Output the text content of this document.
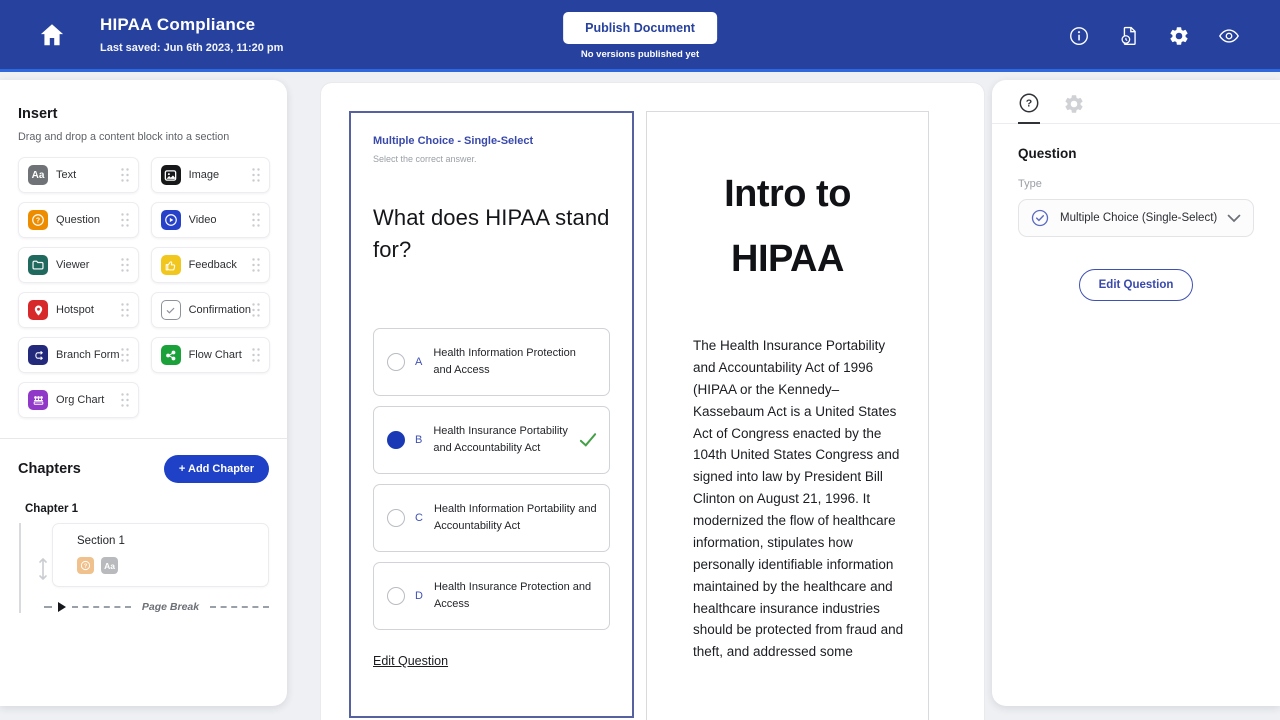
HIPAA Compliance
Last saved: Jun 6th 2023, 11:20 pm
Publish Document
No versions published yet
Insert
Drag and drop a content block into a section
Aa	Text	Image
? Question	Video
Viewer	Feedback
Hotspot	Confirmation
Branch Form	Flow Chart
Org Chart
Chapters	+ Add Chapter
Chapter 1
Section 1
?	Aa
Page Break
Multiple Choice - Single-Select
Select the correct answer.
What does HIPAA stand for?
A
Health Information Protection and Access
B
Health Insurance Portability and Accountability Act
C
Health Information Portability and Accountability Act
D
Health Insurance Protection and Access
Edit Question
Intro to HIPAA
The Health Insurance Portability and Accountability Act of 1996 (HIPAA or the Kennedy–Kassebaum Act is a United States Act of Congress enacted by the 104th United States Congress and signed into law by President Bill Clinton on August 21, 1996. It modernized the flow of healthcare information, stipulates how personally identifiable information maintained by the healthcare and healthcare insurance industries should be protected from fraud and theft, and addressed some
?
Question
Type
Multiple Choice (Single-Select)
Edit Question
